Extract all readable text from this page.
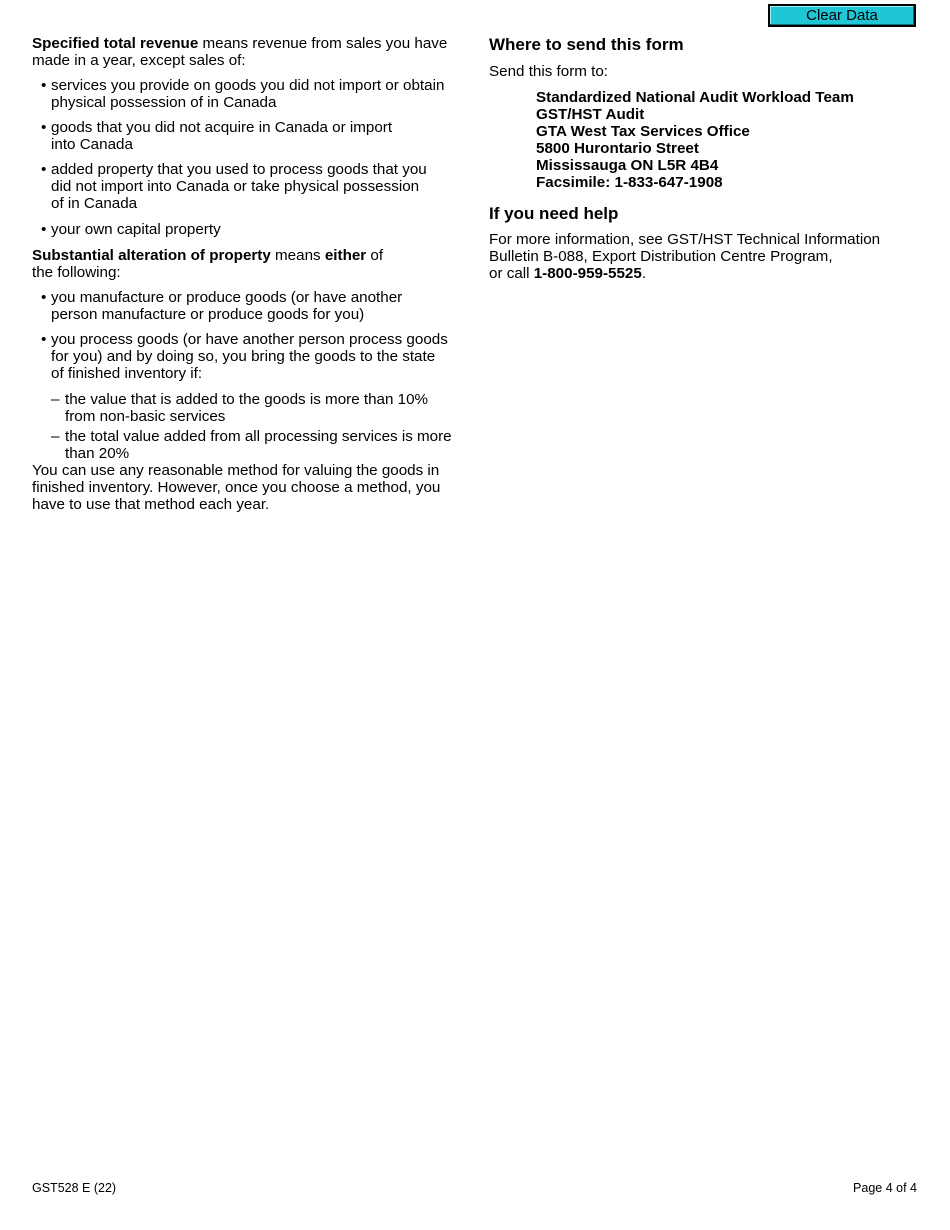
Clear Data

Specified total revenue means revenue from sales you have
made in a year, except sales of:

• services you provide on goods you did not import or obtain
physical possession of in Canada
• goods that you did not acquire in Canada or import
into Canada
• added property that you used to process goods that you
did not import into Canada or take physical possession
of in Canada
• your own capital property

Substantial alteration of property means either of
the following:

• you manufacture or produce goods (or have another
person manufacture or produce goods for you)
• you process goods (or have another person process goods
for you) and by doing so, you bring the goods to the state
of finished inventory if:
– the value that is added to the goods is more than 10%
from non-basic services
– the total value added from all processing services is more
than 20%

You can use any reasonable method for valuing the goods in
finished inventory. However, once you choose a method, you
have to use that method each year.

Where to send this form

Send this form to:

Standardized National Audit Workload Team
GST/HST Audit
GTA West Tax Services Office
5800 Hurontario Street
Mississauga ON L5R 4B4
Facsimile: 1-833-647-1908
If you need help

For more information, see GST/HST Technical Information
Bulletin B-088, Export Distribution Centre Program,
or call 1-800-959-5525.

GST528 E (22)	Page 4 of 4
